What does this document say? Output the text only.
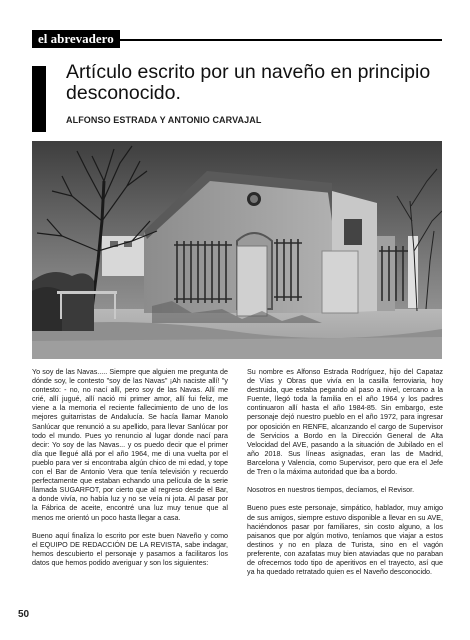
el abrevadero
Artículo escrito por un naveño en principio desconocido.
ALFONSO ESTRADA Y ANTONIO CARVAJAL

Yo soy de las Navas..... Siempre que alguien me pregunta de dónde soy, le contesto "soy de las Navas" ¡Ah naciste allí! "y contesto: - no, no nací allí, pero soy de las Navas. Allí me crié, allí jugué, allí nació mi primer amor, allí fui feliz, me viene a la memoria el reciente fallecimiento de uno de los mejores guitarristas de Andalucía. Se hacía llamar Manolo Sanlúcar que renunció a su apellido, para llevar Sanlúcar por todo el mundo. Pues yo renuncio al lugar donde nací para decir: Yo soy de las Navas... y os puedo decir que el primer día que llegué allá por el año 1964, me di una vuelta por el pueblo para ver si encontraba algún chico de mi edad, y tope con el Bar de Antonio Vera que tenía televisión y recuerdo perfectamente que estaban echando una película de la serie llamada SUGARFOT, por cierto que al regreso desde el Bar, a donde vivía, no había luz y no se veía ni jota. Al pasar por la Fábrica de aceite, encontré una luz muy tenue que al menos me orientó un poco hasta llegar a casa.

Bueno aquí finaliza lo escrito por este buen Naveño y como el EQUIPO DE REDACCIÓN DE LA REVISTA, sabe indagar, hemos descubierto el personaje y pasamos a facilitaros los datos que hemos podido averiguar y son los siguientes:

Su nombre es Alfonso Estrada Rodríguez, hijo del Capataz de Vías y Obras que vivía en la casilla ferroviaria, hoy destruida, que estaba pegando al paso a nivel, cercano a la Fuente, llegó toda la familia en el año 1964 y los padres continuaron allí hasta el año 1984-85. Sin embargo, este personaje dejó nuestro pueblo en el año 1972, para ingresar por oposición en RENFE, alcanzando el cargo de Supervisor de Servicios a Bordo en la Dirección General de Alta Velocidad del AVE, pasando a la situación de Jubilado en el año 2018. Sus líneas asignadas, eran las de Madrid, Barcelona y Valencia, como Supervisor, pero que era el Jefe de Tren o la máxima autoridad que iba a bordo.

Nosotros en nuestros tiempos, decíamos, el Revisor.

Bueno pues este personaje, simpático, hablador, muy amigo de sus amigos, siempre estuvo disponible a llevar en su AVE, haciéndonos pasar por familiares, sin costo alguno, a los paisanos que por algún motivo, teníamos que viajar a estos destinos y no en plaza de Turista, sino en el vagón preferente, con azafatas muy bien ataviadas que no paraban de ofrecernos todo tipo de aperitivos en el trayecto, así que ya ha quedado retratado quien es el Naveño desconocido.

50
